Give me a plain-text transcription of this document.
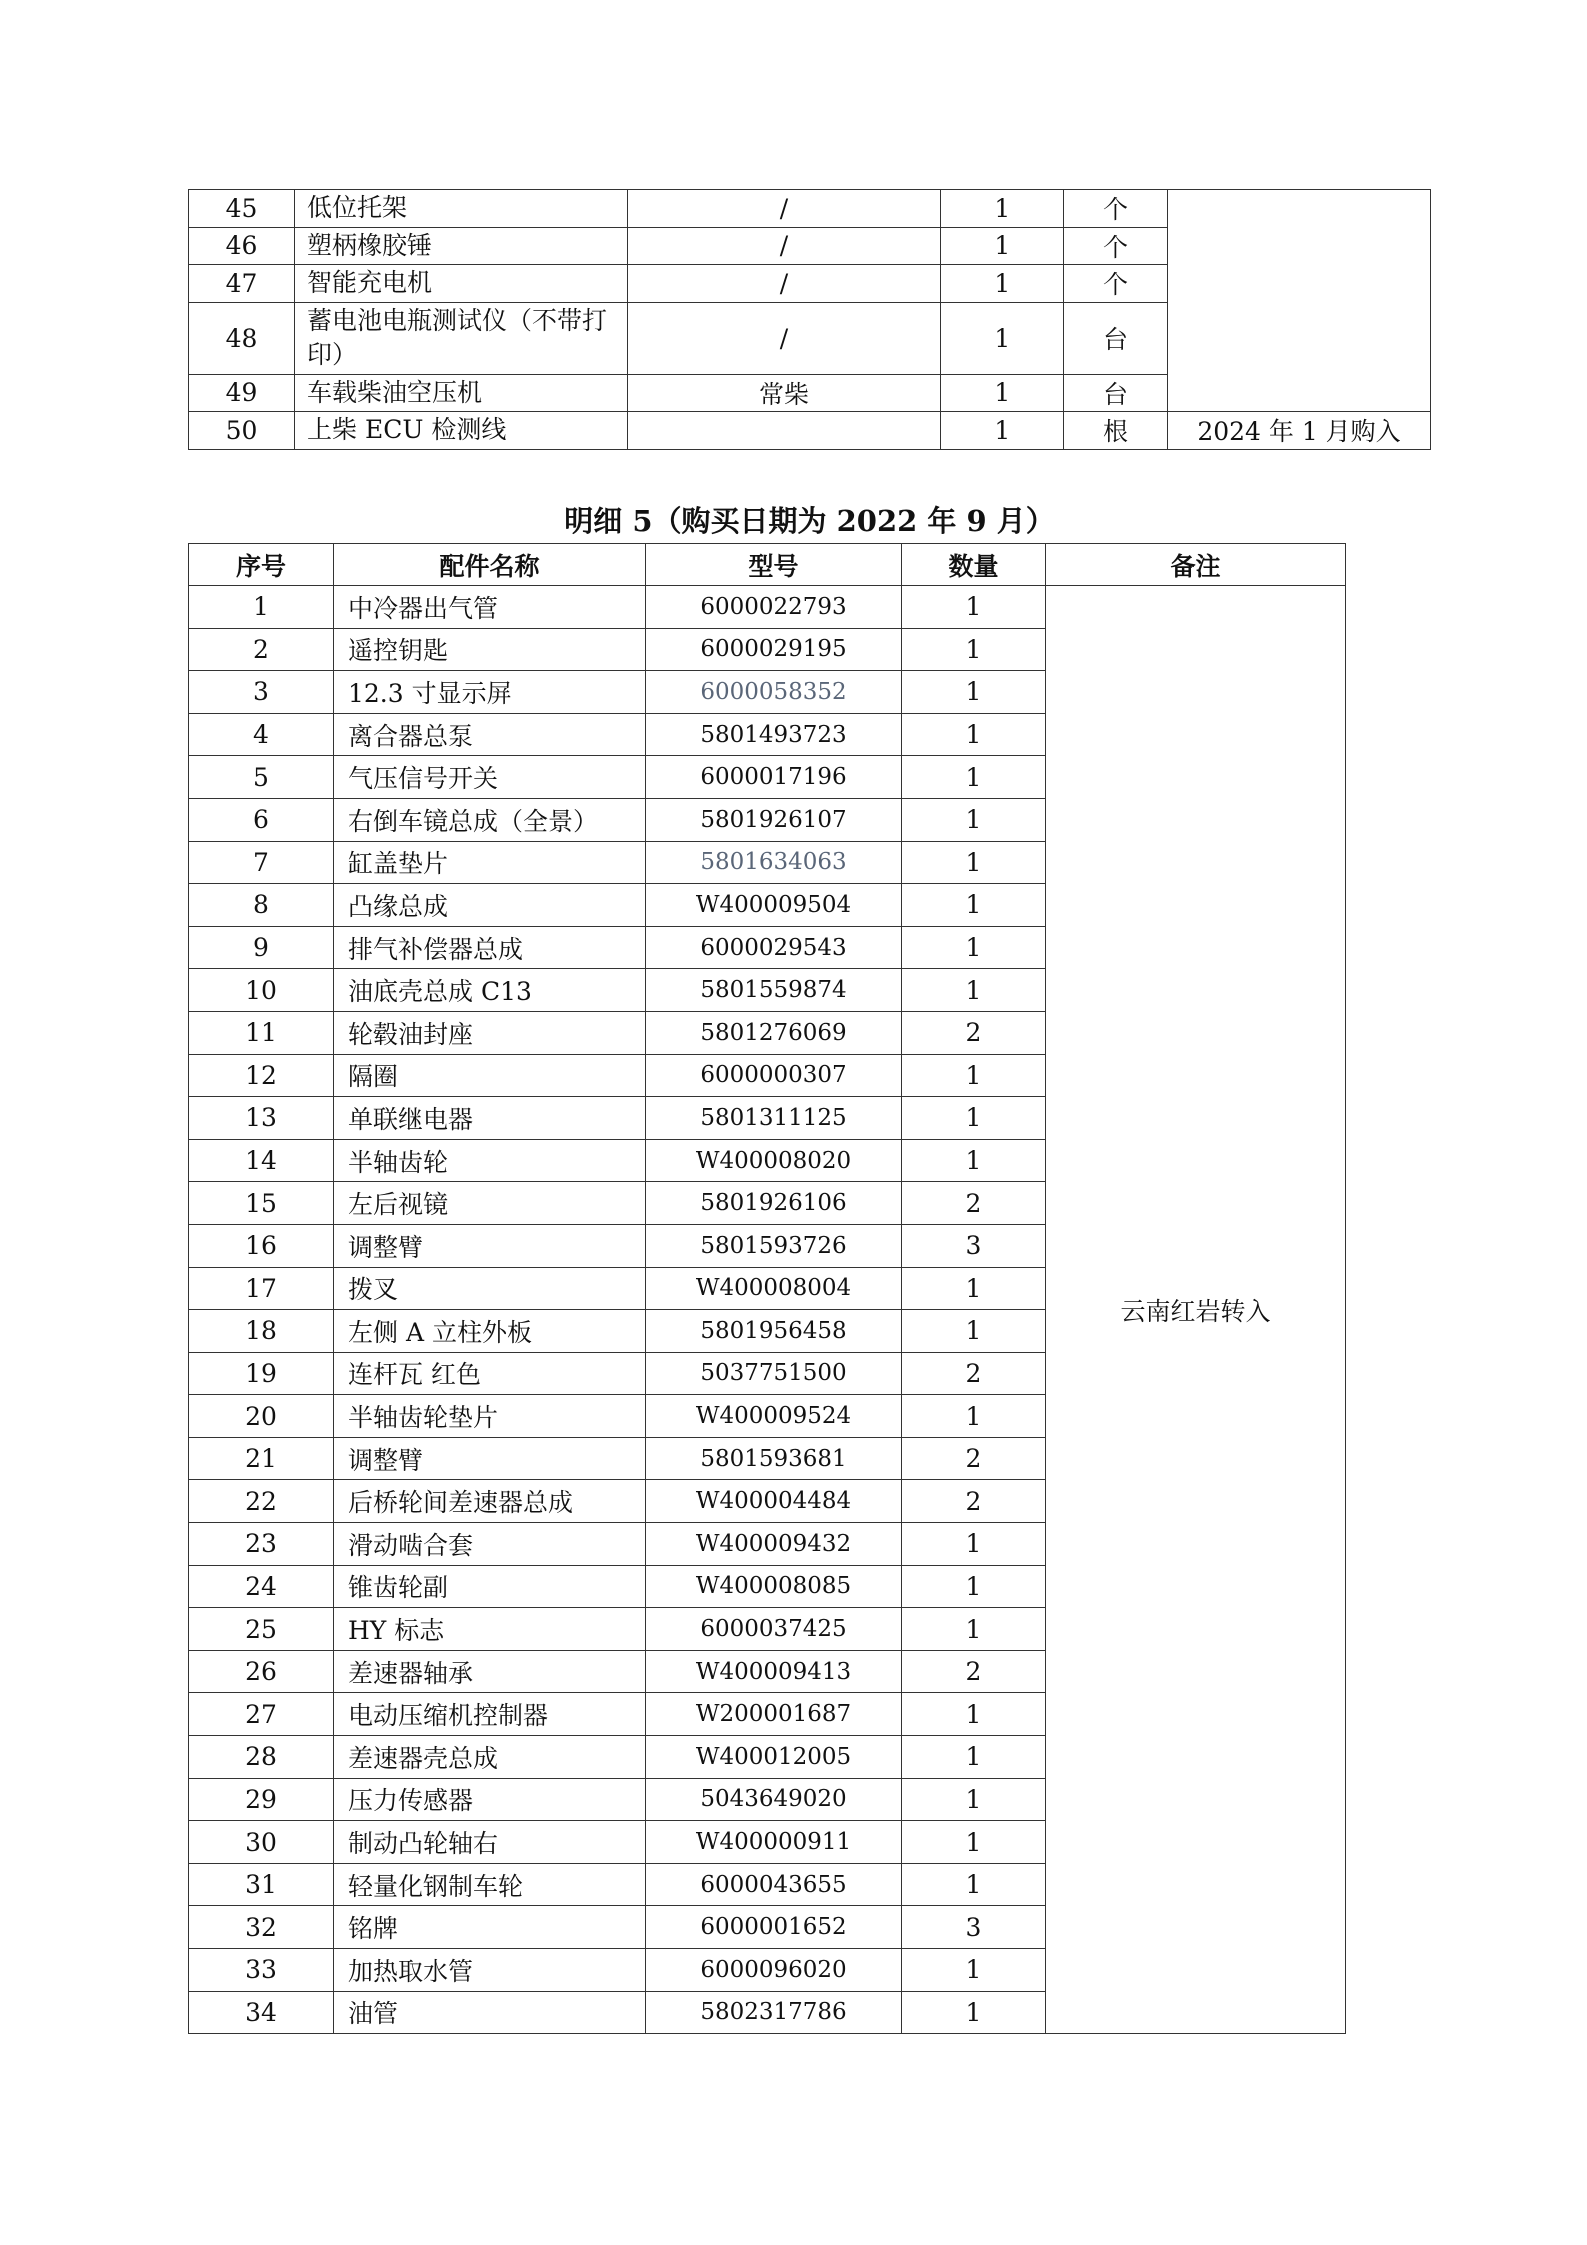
45	低位托架	/	1	个	
46	塑柄橡胶锤	/	1	个	
47	智能充电机	/	1	个	
48	蓄电池电瓶测试仪（不带打印）	/	1	台	
49	车载柴油空压机	常柴	1	台	
50	上柴 ECU 检测线		1	根	2024 年 1 月购入
明细 5（购买日期为 2022 年 9 月）
序号	配件名称	型号	数量	备注
1	中冷器出气管	6000022793	1	云南红岩转入
2	遥控钥匙	6000029195	1	
3	12.3 寸显示屏	6000058352	1	
4	离合器总泵	5801493723	1	
5	气压信号开关	6000017196	1	
6	右倒车镜总成（全景）	5801926107	1	
7	缸盖垫片	5801634063	1	
8	凸缘总成	W400009504	1	
9	排气补偿器总成	6000029543	1	
10	油底壳总成 C13	5801559874	1	
11	轮毂油封座	5801276069	2	
12	隔圈	6000000307	1	
13	单联继电器	5801311125	1	
14	半轴齿轮	W400008020	1	
15	左后视镜	5801926106	2	
16	调整臂	5801593726	3	
17	拨叉	W400008004	1	
18	左侧 A 立柱外板	5801956458	1	
19	连杆瓦 红色	5037751500	2	
20	半轴齿轮垫片	W400009524	1	
21	调整臂	5801593681	2	
22	后桥轮间差速器总成	W400004484	2	
23	滑动啮合套	W400009432	1	
24	锥齿轮副	W400008085	1	
25	HY 标志	6000037425	1	
26	差速器轴承	W400009413	2	
27	电动压缩机控制器	W200001687	1	
28	差速器壳总成	W400012005	1	
29	压力传感器	5043649020	1	
30	制动凸轮轴右	W400000911	1	
31	轻量化钢制车轮	6000043655	1	
32	铭牌	6000001652	3	
33	加热取水管	6000096020	1	
34	油管	5802317786	1	
